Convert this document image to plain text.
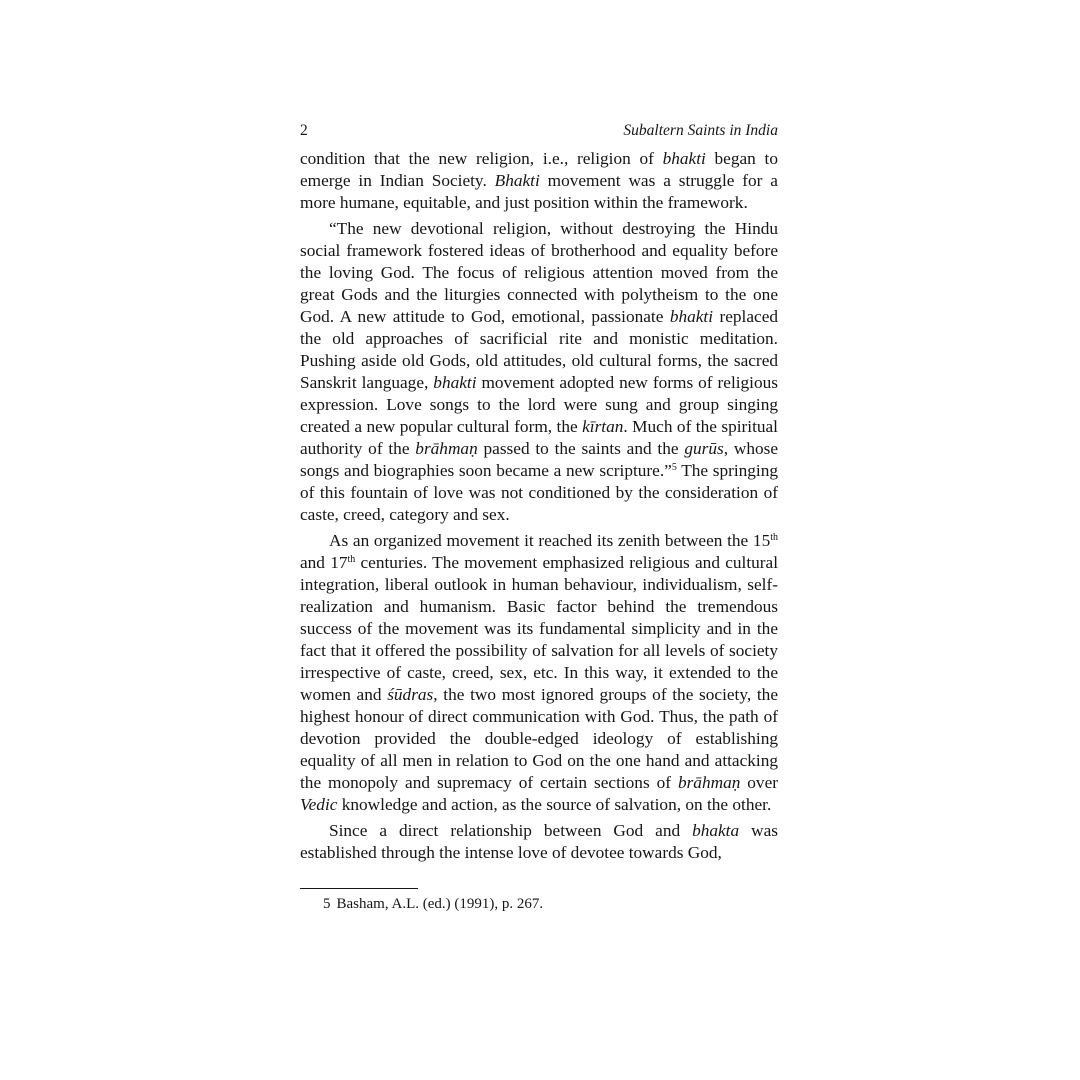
2	Subaltern Saints in India

condition that the new religion, i.e., religion of bhakti began to emerge in Indian Society. Bhakti movement was a struggle for a more humane, equitable, and just position within the framework.

“The new devotional religion, without destroying the Hindu social framework fostered ideas of brotherhood and equality before the loving God. The focus of religious attention moved from the great Gods and the liturgies connected with polytheism to the one God. A new attitude to God, emotional, passionate bhakti replaced the old approaches of sacrificial rite and monistic meditation. Pushing aside old Gods, old attitudes, old cultural forms, the sacred Sanskrit language, bhakti movement adopted new forms of religious expression. Love songs to the lord were sung and group singing created a new popular cultural form, the kīrtan. Much of the spiritual authority of the brāhmaṇ passed to the saints and the gurūs, whose songs and biographies soon became a new scripture.”$^5$ The springing of this fountain of love was not conditioned by the consideration of caste, creed, category and sex.

As an organized movement it reached its zenith between the 15th and 17th centuries. The movement emphasized religious and cultural integration, liberal outlook in human behaviour, individualism, self-realization and humanism. Basic factor behind the tremendous success of the movement was its fundamental simplicity and in the fact that it offered the possibility of salvation for all levels of society irrespective of caste, creed, sex, etc. In this way, it extended to the women and śūdras, the two most ignored groups of the society, the highest honour of direct communication with God. Thus, the path of devotion provided the double-edged ideology of establishing equality of all men in relation to God on the one hand and attacking the monopoly and supremacy of certain sections of brāhmaṇ over Vedic knowledge and action, as the source of salvation, on the other.

Since a direct relationship between God and bhakta was established through the intense love of devotee towards God,

5 Basham, A.L. (ed.) (1991), p. 267.
